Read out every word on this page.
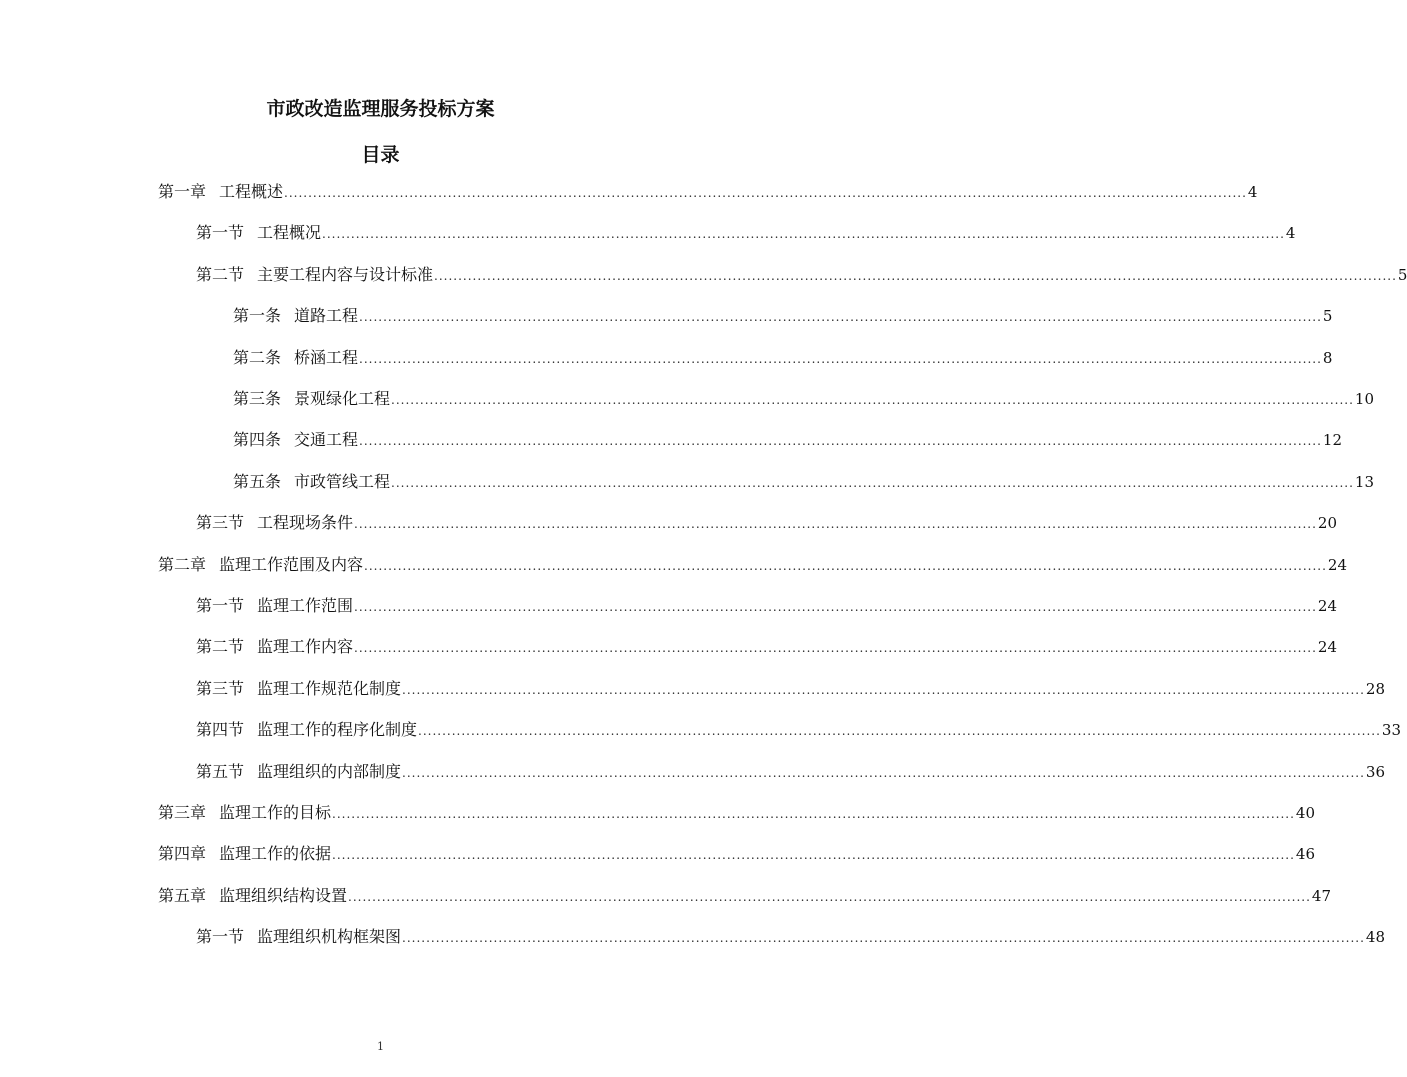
市政改造监理服务投标方案
目录
第一章 工程概述 ........................................................................................................................................................................................................ 4
第一节 工程概况 ........................................................................................................................................................................................................ 4
第二节 主要工程内容与设计标准 ........................................................................................................................................................................................................ 5
第一条 道路工程 ........................................................................................................................................................................................................ 5
第二条 桥涵工程 ........................................................................................................................................................................................................ 8
第三条 景观绿化工程 ........................................................................................................................................................................................................ 10
第四条 交通工程 ........................................................................................................................................................................................................ 12
第五条 市政管线工程 ........................................................................................................................................................................................................ 13
第三节 工程现场条件 ........................................................................................................................................................................................................ 20
第二章 监理工作范围及内容 ........................................................................................................................................................................................................ 24
第一节 监理工作范围 ........................................................................................................................................................................................................ 24
第二节 监理工作内容 ........................................................................................................................................................................................................ 24
第三节 监理工作规范化制度 ........................................................................................................................................................................................................ 28
第四节 监理工作的程序化制度 ........................................................................................................................................................................................................ 33
第五节 监理组织的内部制度 ........................................................................................................................................................................................................ 36
第三章 监理工作的目标 ........................................................................................................................................................................................................ 40
第四章 监理工作的依据 ........................................................................................................................................................................................................ 46
第五章 监理组织结构设置 ........................................................................................................................................................................................................ 47
第一节 监理组织机构框架图 ........................................................................................................................................................................................................ 48
1
